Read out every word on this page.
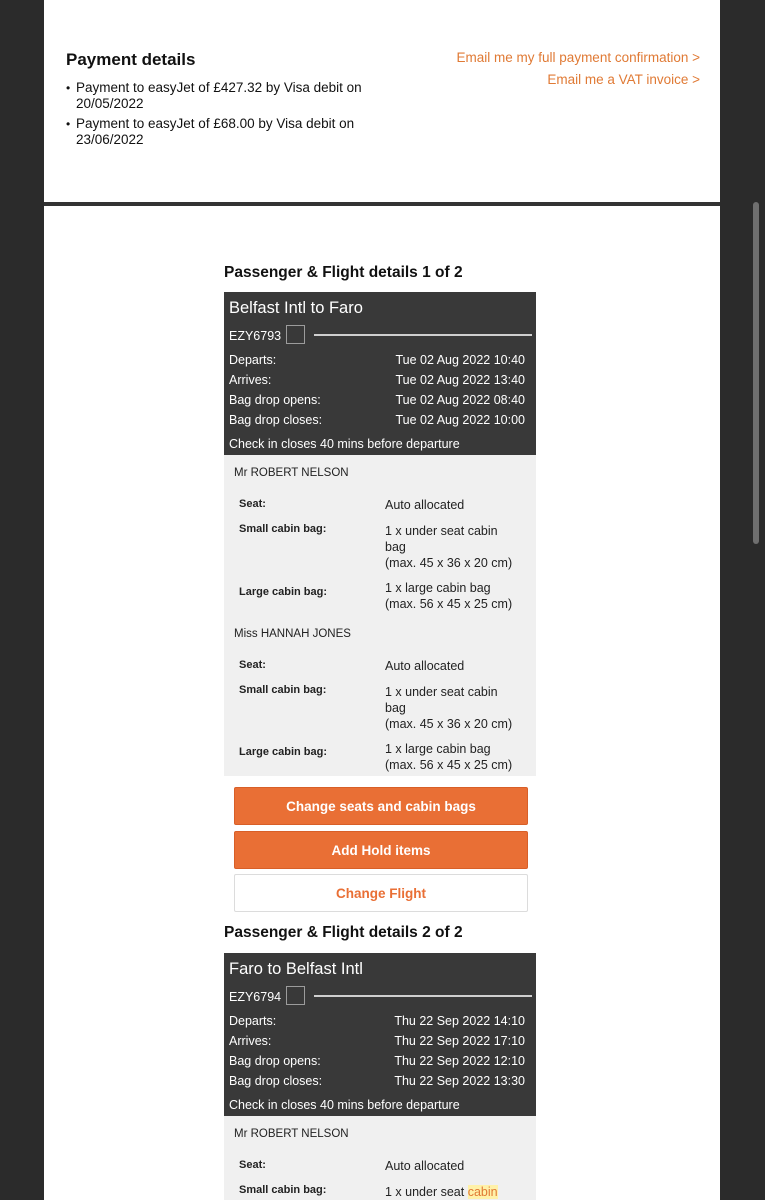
Payment details
• Payment to easyJet of £427.32 by Visa debit on 20/05/2022
• Payment to easyJet of £68.00 by Visa debit on 23/06/2022
Email me my full payment confirmation >
Email me a VAT invoice >
Passenger & Flight details 1 of 2
Belfast Intl to Faro
EZY6793
Departs:	Tue 02 Aug 2022 10:40
Arrives:	Tue 02 Aug 2022 13:40
Bag drop opens:	Tue 02 Aug 2022 08:40
Bag drop closes:	Tue 02 Aug 2022 10:00
Check in closes 40 mins before departure
Mr ROBERT NELSON
Seat:	Auto allocated
Small cabin bag:	1 x under seat cabin
bag
(max. 45 x 36 x 20 cm)
Large cabin bag:	1 x large cabin bag
(max. 56 x 45 x 25 cm)
Miss HANNAH JONES
Seat:	Auto allocated
Small cabin bag:	1 x under seat cabin
bag
(max. 45 x 36 x 20 cm)
Large cabin bag:	1 x large cabin bag
(max. 56 x 45 x 25 cm)
Change seats and cabin bags
Add Hold items
Change Flight
Passenger & Flight details 2 of 2
Faro to Belfast Intl
EZY6794
Departs:	Thu 22 Sep 2022 14:10
Arrives:	Thu 22 Sep 2022 17:10
Bag drop opens:	Thu 22 Sep 2022 12:10
Bag drop closes:	Thu 22 Sep 2022 13:30
Check in closes 40 mins before departure
Mr ROBERT NELSON
Seat:	Auto allocated
Small cabin bag:	1 x under seat cabin
